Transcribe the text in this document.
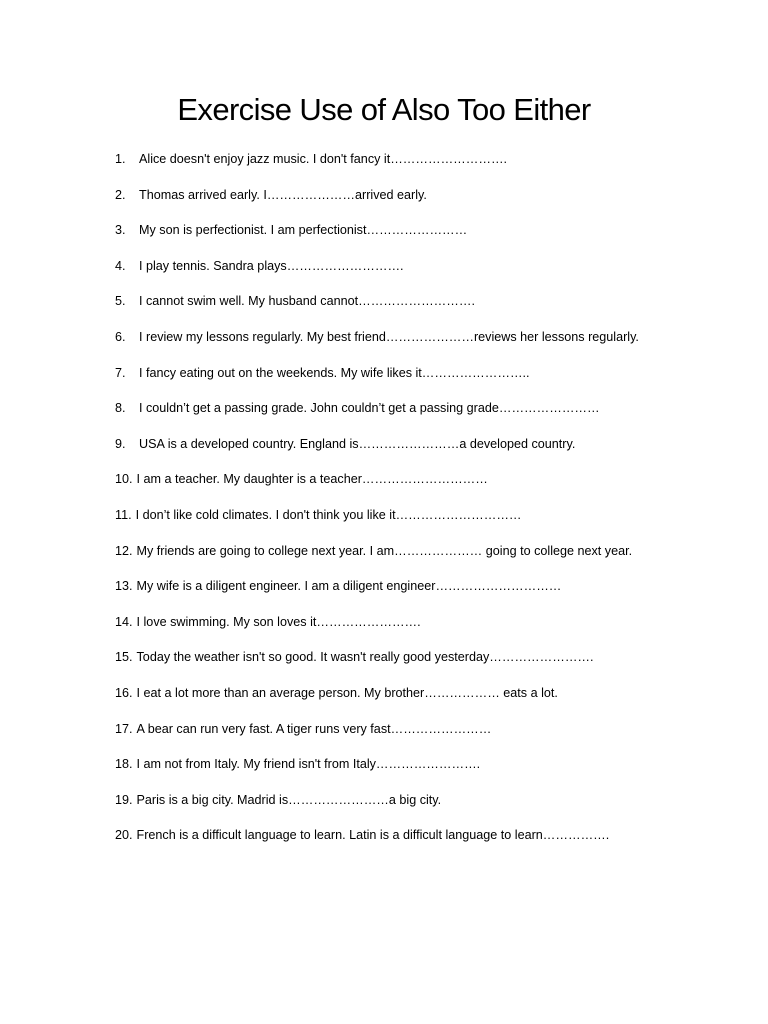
Exercise Use of Also Too Either
1. Alice doesn't enjoy jazz music. I don't fancy it……………………….
2. Thomas arrived early. I…………………arrived early.
3. My son is perfectionist. I am perfectionist……………………
4. I play tennis. Sandra plays……………………….
5. I cannot swim well. My husband cannot……………………….
6. I review my lessons regularly. My best friend…………………reviews her lessons regularly.
7. I fancy eating out on the weekends. My wife likes it……………………..
8. I couldn’t get a passing grade. John couldn’t get a passing grade……………………
9. USA is a developed country. England is……………………a developed country.
10. I am a teacher. My daughter is a teacher…………………………
11. I don’t like cold climates. I don't think you like it…………………………
12. My friends are going to college next year. I am………………… going to college next year.
13. My wife is a diligent engineer. I am a diligent engineer…………………………
14. I love swimming. My son loves it…………………….
15. Today the weather isn't so good. It wasn't really good yesterday…………………….
16. I eat a lot more than an average person. My brother……………… eats a lot.
17. A bear can run very fast. A tiger runs very fast……………………
18. I am not from Italy. My friend isn't from Italy…………………….
19. Paris is a big city. Madrid is……………………a big city.
20. French is a difficult language to learn. Latin is a difficult language to learn…………….
